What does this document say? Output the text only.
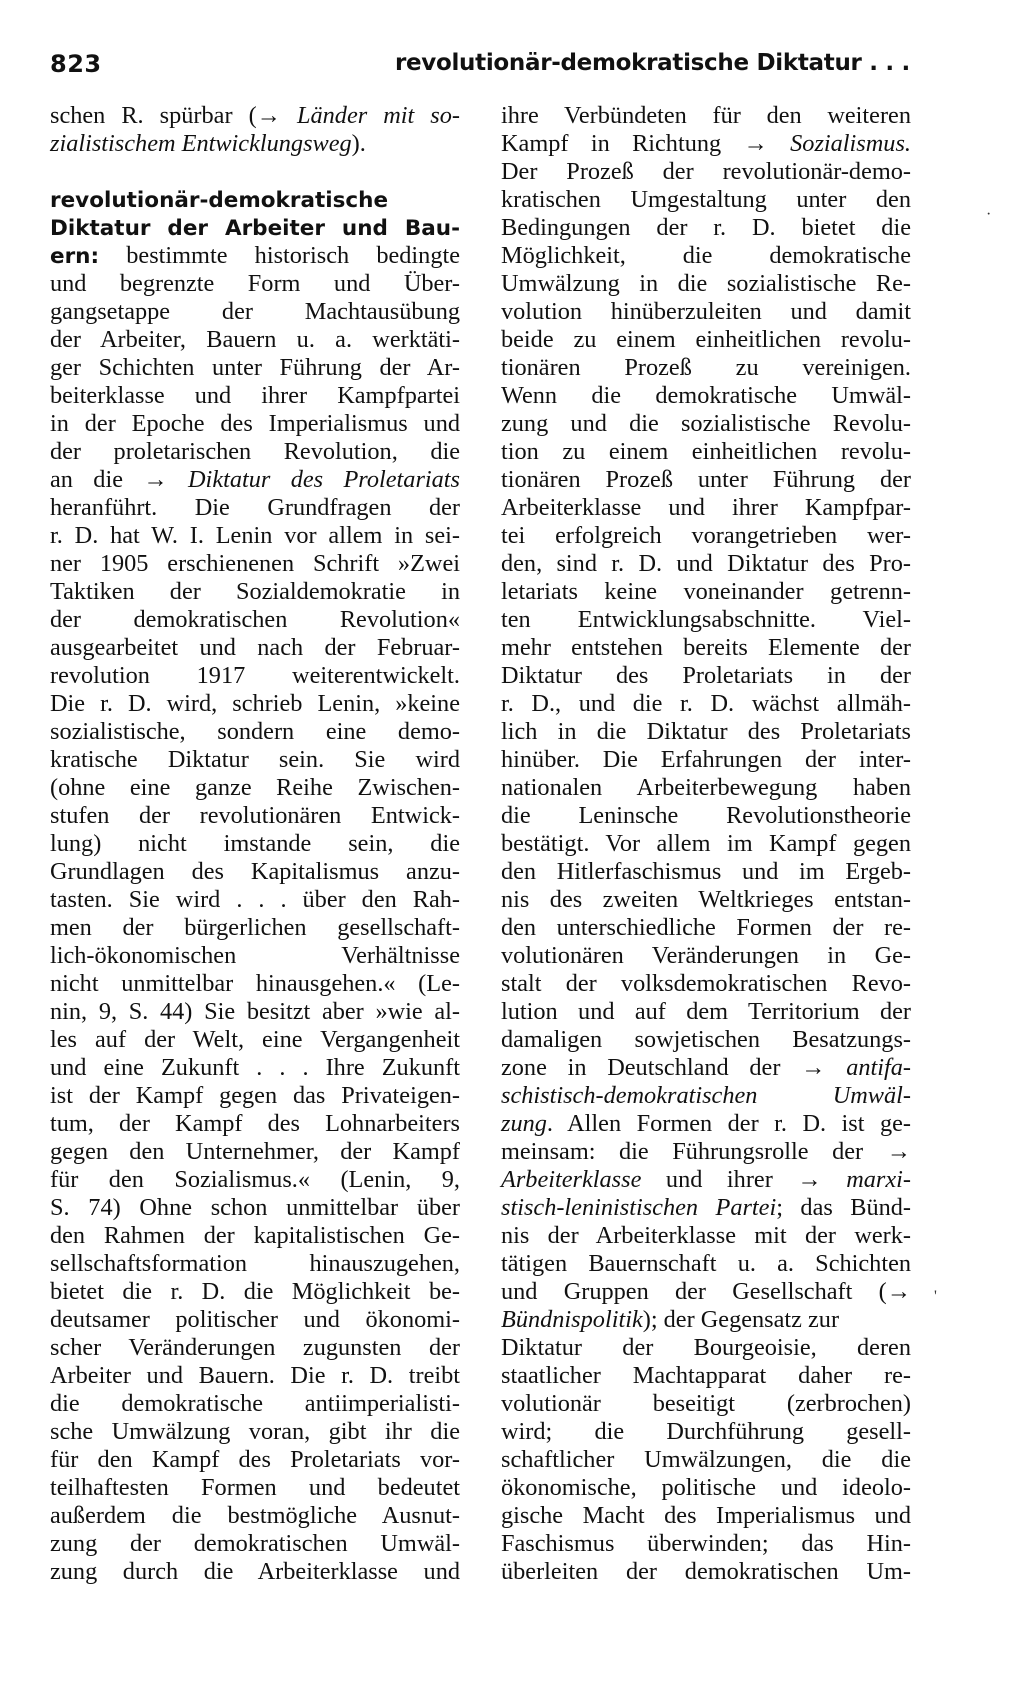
823	revolutionär-demokratische Diktatur . . .
schen R. spürbar (→ Länder mit so-
zialistischem Entwicklungsweg).
revolutionär-demokratische
Diktatur der Arbeiter und Bau-
ern: bestimmte historisch bedingte
und begrenzte Form und Über-
gangsetappe der Machtausübung
der Arbeiter, Bauern u. a. werktäti-
ger Schichten unter Führung der Ar-
beiterklasse und ihrer Kampfpartei
in der Epoche des Imperialismus und
der proletarischen Revolution, die
an die → Diktatur des Proletariats
heranführt. Die Grundfragen der
r. D. hat W. I. Lenin vor allem in sei-
ner 1905 erschienenen Schrift »Zwei
Taktiken der Sozialdemokratie in
der demokratischen Revolution«
ausgearbeitet und nach der Februar-
revolution 1917 weiterentwickelt.
Die r. D. wird, schrieb Lenin, »keine
sozialistische, sondern eine demo-
kratische Diktatur sein. Sie wird
(ohne eine ganze Reihe Zwischen-
stufen der revolutionären Entwick-
lung) nicht imstande sein, die
Grundlagen des Kapitalismus anzu-
tasten. Sie wird . . . über den Rah-
men der bürgerlichen gesellschaft-
lich-ökonomischen Verhältnisse
nicht unmittelbar hinausgehen.« (Le-
nin, 9, S. 44) Sie besitzt aber »wie al-
les auf der Welt, eine Vergangenheit
und eine Zukunft . . . Ihre Zukunft
ist der Kampf gegen das Privateigen-
tum, der Kampf des Lohnarbeiters
gegen den Unternehmer, der Kampf
für den Sozialismus.« (Lenin, 9,
S. 74) Ohne schon unmittelbar über
den Rahmen der kapitalistischen Ge-
sellschaftsformation hinauszugehen,
bietet die r. D. die Möglichkeit be-
deutsamer politischer und ökonomi-
scher Veränderungen zugunsten der
Arbeiter und Bauern. Die r. D. treibt
die demokratische antiimperialisti-
sche Umwälzung voran, gibt ihr die
für den Kampf des Proletariats vor-
teilhaftesten Formen und bedeutet
außerdem die bestmögliche Ausnut-
zung der demokratischen Umwäl-
zung durch die Arbeiterklasse und
ihre Verbündeten für den weiteren
Kampf in Richtung → Sozialismus.
Der Prozeß der revolutionär-demo-
kratischen Umgestaltung unter den
Bedingungen der r. D. bietet die
Möglichkeit, die demokratische
Umwälzung in die sozialistische Re-
volution hinüberzuleiten und damit
beide zu einem einheitlichen revolu-
tionären Prozeß zu vereinigen.
Wenn die demokratische Umwäl-
zung und die sozialistische Revolu-
tion zu einem einheitlichen revolu-
tionären Prozeß unter Führung der
Arbeiterklasse und ihrer Kampfpar-
tei erfolgreich vorangetrieben wer-
den, sind r. D. und Diktatur des Pro-
letariats keine voneinander getrenn-
ten Entwicklungsabschnitte. Viel-
mehr entstehen bereits Elemente der
Diktatur des Proletariats in der
r. D., und die r. D. wächst allmäh-
lich in die Diktatur des Proletariats
hinüber. Die Erfahrungen der inter-
nationalen Arbeiterbewegung haben
die Leninsche Revolutionstheorie
bestätigt. Vor allem im Kampf gegen
den Hitlerfaschismus und im Ergeb-
nis des zweiten Weltkrieges entstan-
den unterschiedliche Formen der re-
volutionären Veränderungen in Ge-
stalt der volksdemokratischen Revo-
lution und auf dem Territorium der
damaligen sowjetischen Besatzungs-
zone in Deutschland der → antifa-
schistisch-demokratischen Umwäl-
zung. Allen Formen der r. D. ist ge-
meinsam: die Führungsrolle der →
Arbeiterklasse und ihrer → marxi-
stisch-leninistischen Partei; das Bünd-
nis der Arbeiterklasse mit der werk-
tätigen Bauernschaft u. a. Schichten
und Gruppen der Gesellschaft (→
Bündnispolitik); der Gegensatz zur
Diktatur der Bourgeoisie, deren
staatlicher Machtapparat daher re-
volutionär beseitigt (zerbrochen)
wird; die Durchführung gesell-
schaftlicher Umwälzungen, die die
ökonomische, politische und ideolo-
gische Macht des Imperialismus und
Faschismus überwinden; das Hin-
überleiten der demokratischen Um-
·
'
